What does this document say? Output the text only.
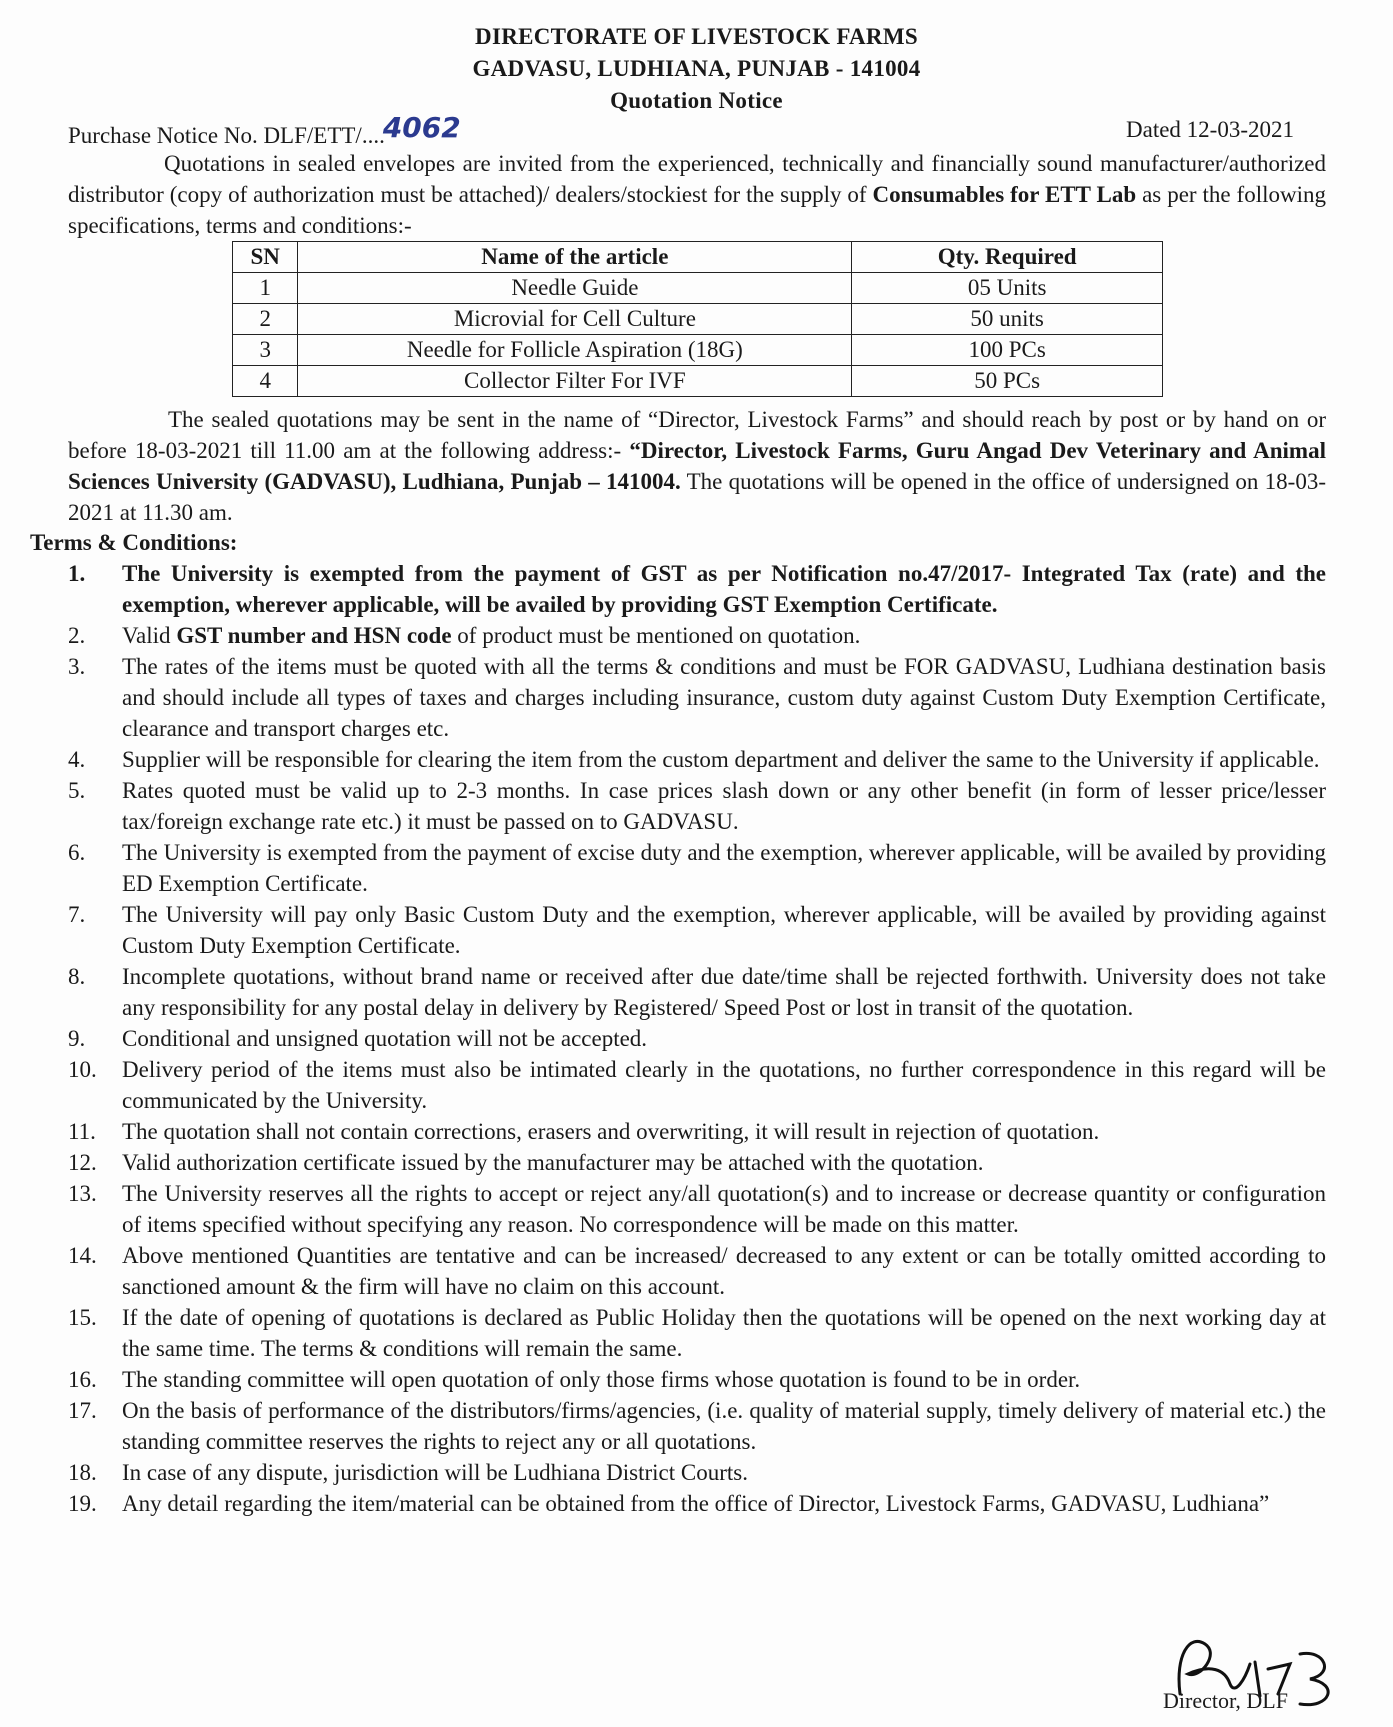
DIRECTORATE OF LIVESTOCK FARMS
GADVASU, LUDHIANA, PUNJAB - 141004
Quotation Notice
Purchase Notice No. DLF/ETT/....4062	Dated 12-03-2021
Quotations in sealed envelopes are invited from the experienced, technically and financially sound manufacturer/authorized distributor (copy of authorization must be attached)/ dealers/stockiest for the supply of Consumables for ETT Lab as per the following specifications, terms and conditions:-
SN	Name of the article	Qty. Required
1	Needle Guide	05 Units
2	Microvial for Cell Culture	50 units
3	Needle for Follicle Aspiration (18G)	100 PCs
4	Collector Filter For IVF	50 PCs
The sealed quotations may be sent in the name of “Director, Livestock Farms” and should reach by post or by hand on or before 18-03-2021 till 11.00 am at the following address:- “Director, Livestock Farms, Guru Angad Dev Veterinary and Animal Sciences University (GADVASU), Ludhiana, Punjab – 141004. The quotations will be opened in the office of undersigned on 18-03-2021 at 11.30 am.
Terms & Conditions:
1.	The University is exempted from the payment of GST as per Notification no.47/2017- Integrated Tax (rate) and the exemption, wherever applicable, will be availed by providing GST Exemption Certificate.
2.	Valid GST number and HSN code of product must be mentioned on quotation.
3.	The rates of the items must be quoted with all the terms & conditions and must be FOR GADVASU, Ludhiana destination basis and should include all types of taxes and charges including insurance, custom duty against Custom Duty Exemption Certificate, clearance and transport charges etc.
4.	Supplier will be responsible for clearing the item from the custom department and deliver the same to the University if applicable.
5.	Rates quoted must be valid up to 2-3 months. In case prices slash down or any other benefit (in form of lesser price/lesser tax/foreign exchange rate etc.) it must be passed on to GADVASU.
6.	The University is exempted from the payment of excise duty and the exemption, wherever applicable, will be availed by providing ED Exemption Certificate.
7.	The University will pay only Basic Custom Duty and the exemption, wherever applicable, will be availed by providing against Custom Duty Exemption Certificate.
8.	Incomplete quotations, without brand name or received after due date/time shall be rejected forthwith. University does not take any responsibility for any postal delay in delivery by Registered/ Speed Post or lost in transit of the quotation.
9.	Conditional and unsigned quotation will not be accepted.
10.	Delivery period of the items must also be intimated clearly in the quotations, no further correspondence in this regard will be communicated by the University.
11.	The quotation shall not contain corrections, erasers and overwriting, it will result in rejection of quotation.
12.	Valid authorization certificate issued by the manufacturer may be attached with the quotation.
13.	The University reserves all the rights to accept or reject any/all quotation(s) and to increase or decrease quantity or configuration of items specified without specifying any reason. No correspondence will be made on this matter.
14.	Above mentioned Quantities are tentative and can be increased/ decreased to any extent or can be totally omitted according to sanctioned amount & the firm will have no claim on this account.
15.	If the date of opening of quotations is declared as Public Holiday then the quotations will be opened on the next working day at the same time. The terms & conditions will remain the same.
16.	The standing committee will open quotation of only those firms whose quotation is found to be in order.
17.	On the basis of performance of the distributors/firms/agencies, (i.e. quality of material supply, timely delivery of material etc.) the standing committee reserves the rights to reject any or all quotations.
18.	In case of any dispute, jurisdiction will be Ludhiana District Courts.
19.	Any detail regarding the item/material can be obtained from the office of Director, Livestock Farms, GADVASU, Ludhiana”
Director, DLF
